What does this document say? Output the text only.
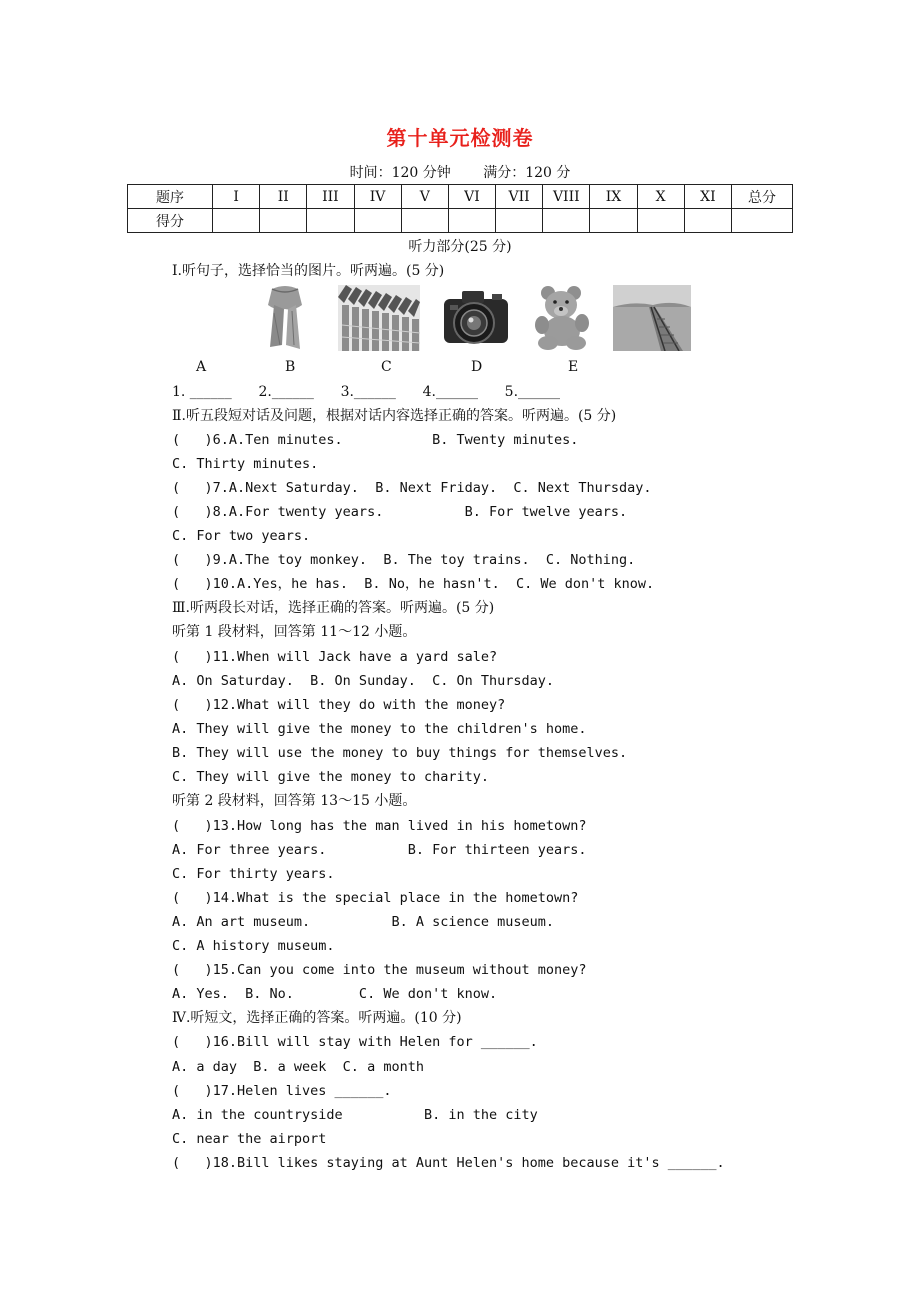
第十单元检测卷
时间：120 分钟 满分：120 分
题序	I	II	III	IV	V	VI	VII	VIII	IX	X	XI	总分
得分												
听力部分(25 分)
Ⅰ.听句子，选择恰当的图片。听两遍。(5 分)
A	B	C	D	E
1. ______      2.______      3.______      4.______      5.______
Ⅱ.听五段短对话及问题，根据对话内容选择正确的答案。听两遍。(5 分)
(   )6.A.Ten minutes.           B. Twenty minutes.
C. Thirty minutes.
(   )7.A.Next Saturday.  B. Next Friday.  C. Next Thursday.
(   )8.A.For twenty years.          B. For twelve years.
C. For two years.
(   )9.A.The toy monkey.  B. The toy trains.  C. Nothing.
(   )10.A.Yes，he has.  B. No，he hasn't.  C. We don't know.
Ⅲ.听两段长对话，选择正确的答案。听两遍。(5 分)
听第 1 段材料，回答第 11～12 小题。
(   )11.When will Jack have a yard sale?
A. On Saturday.  B. On Sunday.  C. On Thursday.
(   )12.What will they do with the money?
A. They will give the money to the children's home.
B. They will use the money to buy things for themselves.
C. They will give the money to charity.
听第 2 段材料，回答第 13～15 小题。
(   )13.How long has the man lived in his hometown?
A. For three years.          B. For thirteen years.
C. For thirty years.
(   )14.What is the special place in the hometown?
A. An art museum.          B. A science museum.
C. A history museum.
(   )15.Can you come into the museum without money?
A. Yes.  B. No.        C. We don't know.
Ⅳ.听短文，选择正确的答案。听两遍。(10 分)
(   )16.Bill will stay with Helen for ______.
A. a day  B. a week  C. a month
(   )17.Helen lives ______.
A. in the countryside          B. in the city
C. near the airport
(   )18.Bill likes staying at Aunt Helen's home because it's ______.
